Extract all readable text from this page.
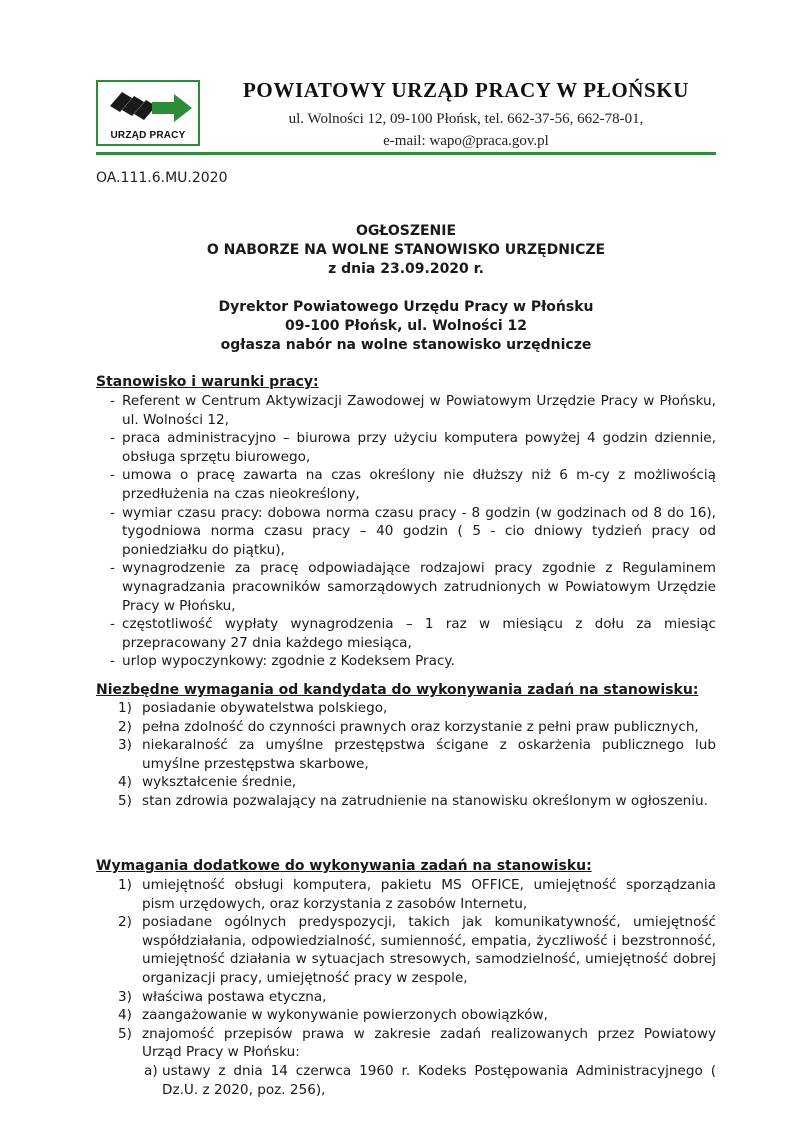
URZĄD PRACY
POWIATOWY URZĄD PRACY W PŁOŃSKU
ul. Wolności 12, 09-100 Płońsk, tel. 662-37-56, 662-78-01,
e-mail: wapo@praca.gov.pl
OA.111.6.MU.2020
OGŁOSZENIE
O NABORZE NA WOLNE STANOWISKO URZĘDNICZE
z dnia 23.09.2020 r.
Dyrektor Powiatowego Urzędu Pracy w Płońsku
09-100 Płońsk, ul. Wolności 12
ogłasza nabór na wolne stanowisko urzędnicze
Stanowisko i warunki pracy:
- Referent w Centrum Aktywizacji Zawodowej w Powiatowym Urzędzie Pracy w Płońsku, ul. Wolności 12,
- praca administracyjno – biurowa przy użyciu komputera powyżej 4 godzin dziennie, obsługa sprzętu biurowego,
- umowa o pracę zawarta na czas określony nie dłuższy niż 6 m-cy z możliwością przedłużenia na czas nieokreślony,
- wymiar czasu pracy: dobowa norma czasu pracy - 8 godzin (w godzinach od 8 do 16), tygodniowa norma czasu pracy – 40 godzin ( 5 - cio dniowy tydzień pracy od poniedziałku do piątku),
- wynagrodzenie za pracę odpowiadające rodzajowi pracy zgodnie z Regulaminem wynagradzania pracowników samorządowych zatrudnionych w Powiatowym Urzędzie Pracy w Płońsku,
- częstotliwość wypłaty wynagrodzenia – 1 raz w miesiącu z dołu za miesiąc przepracowany 27 dnia każdego miesiąca,
- urlop wypoczynkowy: zgodnie z Kodeksem Pracy.
Niezbędne wymagania od kandydata do wykonywania zadań na stanowisku:
1) posiadanie obywatelstwa polskiego,
2) pełna zdolność do czynności prawnych oraz korzystanie z pełni praw publicznych,
3) niekaralność za umyślne przestępstwa ścigane z oskarżenia publicznego lub umyślne przestępstwa skarbowe,
4) wykształcenie średnie,
5) stan zdrowia pozwalający na zatrudnienie na stanowisku określonym w ogłoszeniu.
Wymagania dodatkowe do wykonywania zadań na stanowisku:
1) umiejętność obsługi komputera, pakietu MS OFFICE, umiejętność sporządzania pism urzędowych, oraz korzystania z zasobów Internetu,
2) posiadane ogólnych predyspozycji, takich jak komunikatywność, umiejętność współdziałania, odpowiedzialność, sumienność, empatia, życzliwość i bezstronność, umiejętność działania w sytuacjach stresowych, samodzielność, umiejętność dobrej organizacji pracy, umiejętność pracy w zespole,
3) właściwa postawa etyczna,
4) zaangażowanie w wykonywanie powierzonych obowiązków,
5) znajomość przepisów prawa w zakresie zadań realizowanych przez Powiatowy Urząd Pracy w Płońsku:
a) ustawy z dnia 14 czerwca 1960 r. Kodeks Postępowania Administracyjnego ( Dz.U. z 2020, poz. 256),
